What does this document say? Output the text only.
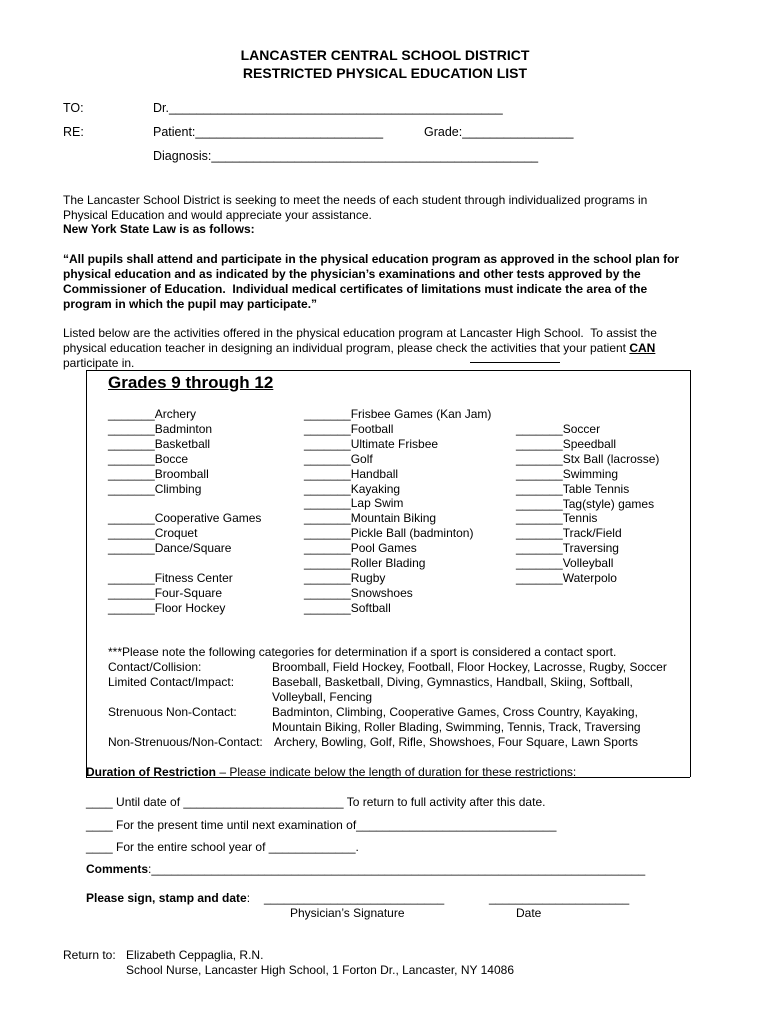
LANCASTER CENTRAL SCHOOL DISTRICT
RESTRICTED PHYSICAL EDUCATION LIST
TO:	Dr.________________________________________________
RE:	Patient:___________________________	Grade:________________
Diagnosis:_______________________________________________

The Lancaster School District is seeking to meet the needs of each student through individualized programs in
Physical Education and would appreciate your assistance.

New York State Law is as follows:

“All pupils shall attend and participate in the physical education program as approved in the school plan for
physical education and as indicated by the physician’s examinations and other tests approved by the
Commissioner of Education.  Individual medical certificates of limitations must indicate the area of the
program in which the pupil may participate.”

Listed below are the activities offered in the physical education program at Lancaster High School.  To assist the
physical education teacher in designing an individual program, please check the activities that your patient CAN
participate in.

Grades 9 through 12
_______Archery
_______Badminton
_______Basketball
_______Bocce
_______Broomball
_______Climbing

_______Cooperative Games
_______Croquet
_______Dance/Square

_______Fitness Center
_______Four-Square
_______Floor Hockey
_______Frisbee Games (Kan Jam)
_______Football
_______Ultimate Frisbee
_______Golf
_______Handball
_______Kayaking
_______Lap Swim
_______Mountain Biking
_______Pickle Ball (badminton)
_______Pool Games
_______Roller Blading
_______Rugby
_______Snowshoes
_______Softball
_______Soccer
_______Speedball
_______Stx Ball (lacrosse)
_______Swimming
_______Table Tennis
_______Tag(style) games
_______Tennis
_______Track/Field
_______Traversing
_______Volleyball
_______Waterpolo
***Please note the following categories for determination if a sport is considered a contact sport.
Contact/Collision:	Broomball, Field Hockey, Football, Floor Hockey, Lacrosse, Rugby, Soccer
Limited Contact/Impact:	Baseball, Basketball, Diving, Gymnastics, Handball, Skiing, Softball,
Volleyball, Fencing
Strenuous Non-Contact:	Badminton, Climbing, Cooperative Games, Cross Country, Kayaking,
Mountain Biking, Roller Blading, Swimming, Tennis, Track, Traversing
Non-Strenuous/Non-Contact: Archery, Bowling, Golf, Rifle, Showshoes, Four Square, Lawn Sports
Duration of Restriction – Please indicate below the length of duration for these restrictions:
____ Until date of ________________________ To return to full activity after this date.
____ For the present time until next examination of______________________________
____ For the entire school year of _____________.
Comments:__________________________________________________________________________
Please sign, stamp and date: ___________________________	_____________________
Physician’s Signature	Date
Return to: Elizabeth Ceppaglia, R.N.
School Nurse, Lancaster High School, 1 Forton Dr., Lancaster, NY 14086
